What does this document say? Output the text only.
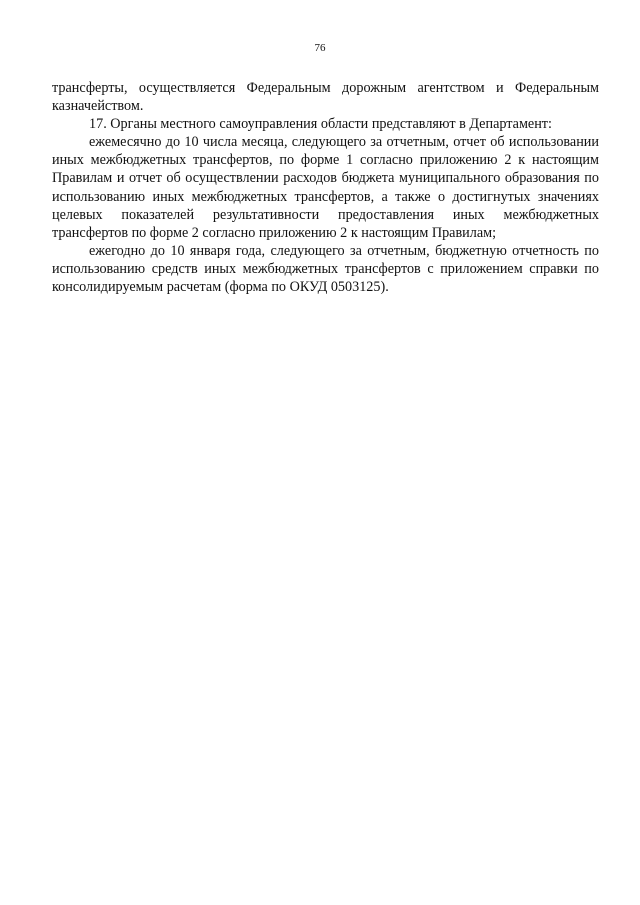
76

трансферты, осуществляется Федеральным дорожным агентством и Федеральным казначейством.

17. Органы местного самоуправления области представляют в Департамент:

ежемесячно до 10 числа месяца, следующего за отчетным, отчет об использовании иных межбюджетных трансфертов, по форме 1 согласно приложению 2 к настоящим Правилам и отчет об осуществлении расходов бюджета муниципального образования по использованию иных межбюджетных трансфертов, а также о достигнутых значениях целевых показателей результативности предоставления иных межбюджетных трансфертов по форме 2 согласно приложению 2 к настоящим Правилам;

ежегодно до 10 января года, следующего за отчетным, бюджетную отчетность по использованию средств иных межбюджетных трансфертов с приложением справки по консолидируемым расчетам (форма по ОКУД 0503125).
